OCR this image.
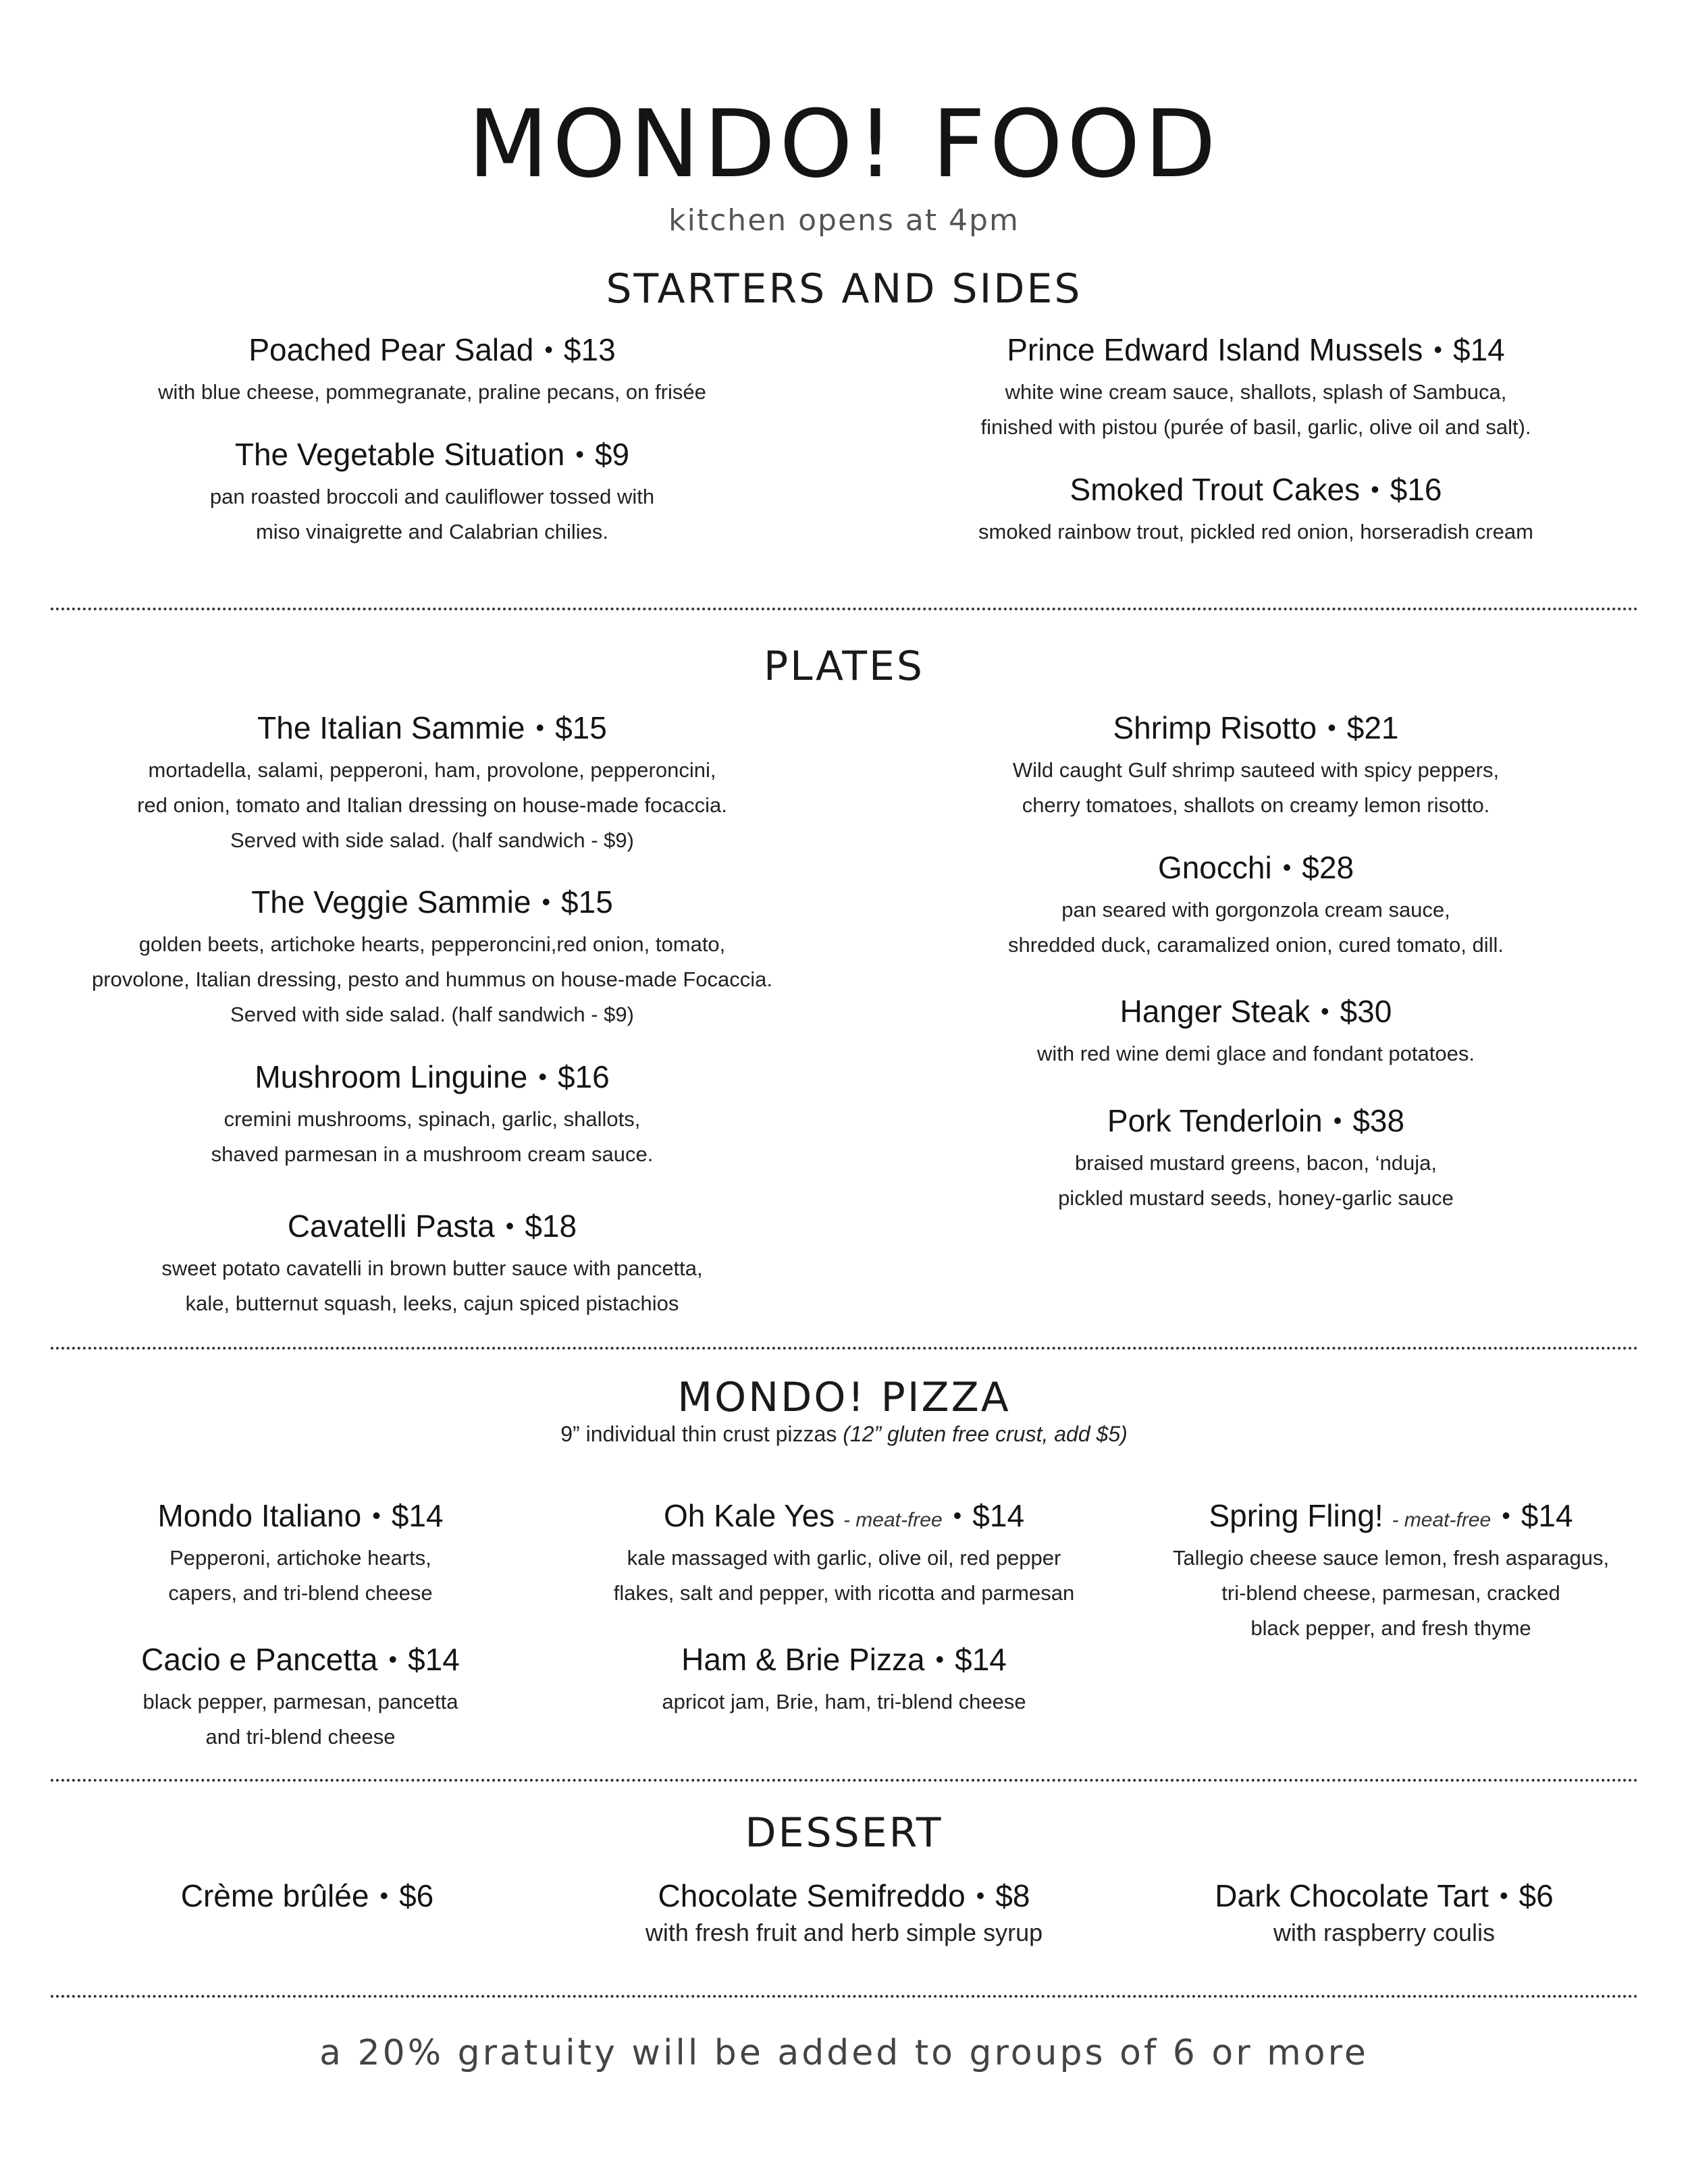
MONDO! FOOD
kitchen opens at 4pm
STARTERS AND SIDES
Poached Pear Salad • $13
with blue cheese, pommegranate, praline pecans, on frisée
The Vegetable Situation • $9
pan roasted broccoli and cauliflower tossed with
miso vinaigrette and Calabrian chilies.
Prince Edward Island Mussels • $14
white wine cream sauce, shallots, splash of Sambuca,
finished with pistou (purée of basil, garlic, olive oil and salt).
Smoked Trout Cakes • $16
smoked rainbow trout, pickled red onion, horseradish cream
PLATES
The Italian Sammie • $15
mortadella, salami, pepperoni, ham, provolone, pepperoncini,
red onion, tomato and Italian dressing on house-made focaccia.
Served with side salad. (half sandwich - $9)
The Veggie Sammie • $15
golden beets, artichoke hearts, pepperoncini,red onion, tomato,
provolone, Italian dressing, pesto and hummus on house-made Focaccia.
Served with side salad. (half sandwich - $9)
Mushroom Linguine • $16
cremini mushrooms, spinach, garlic, shallots,
shaved parmesan in a mushroom cream sauce.
Cavatelli Pasta • $18
sweet potato cavatelli in brown butter sauce with pancetta,
kale, butternut squash, leeks, cajun spiced pistachios
Shrimp Risotto • $21
Wild caught Gulf shrimp sauteed with spicy peppers,
cherry tomatoes, shallots on creamy lemon risotto.
Gnocchi • $28
pan seared with gorgonzola cream sauce,
shredded duck, caramalized onion, cured tomato, dill.
Hanger Steak • $30
with red wine demi glace and fondant potatoes.
Pork Tenderloin • $38
braised mustard greens, bacon, ‘nduja,
pickled mustard seeds, honey-garlic sauce
MONDO! PIZZA
9” individual thin crust pizzas (12” gluten free crust, add $5)
Mondo Italiano • $14
Pepperoni, artichoke hearts,
capers, and tri-blend cheese
Cacio e Pancetta • $14
black pepper, parmesan, pancetta
and tri-blend cheese
Oh Kale Yes - meat-free • $14
kale massaged with garlic, olive oil, red pepper
flakes, salt and pepper, with ricotta and parmesan
Ham & Brie Pizza • $14
apricot jam, Brie, ham, tri-blend cheese
Spring Fling! - meat-free • $14
Tallegio cheese sauce lemon, fresh asparagus,
tri-blend cheese, parmesan, cracked
black pepper, and fresh thyme
DESSERT
Crème brûlée • $6	Chocolate Semifreddo • $8
with fresh fruit and herb simple syrup
Dark Chocolate Tart • $6
with raspberry coulis
a 20% gratuity will be added to groups of 6 or more
